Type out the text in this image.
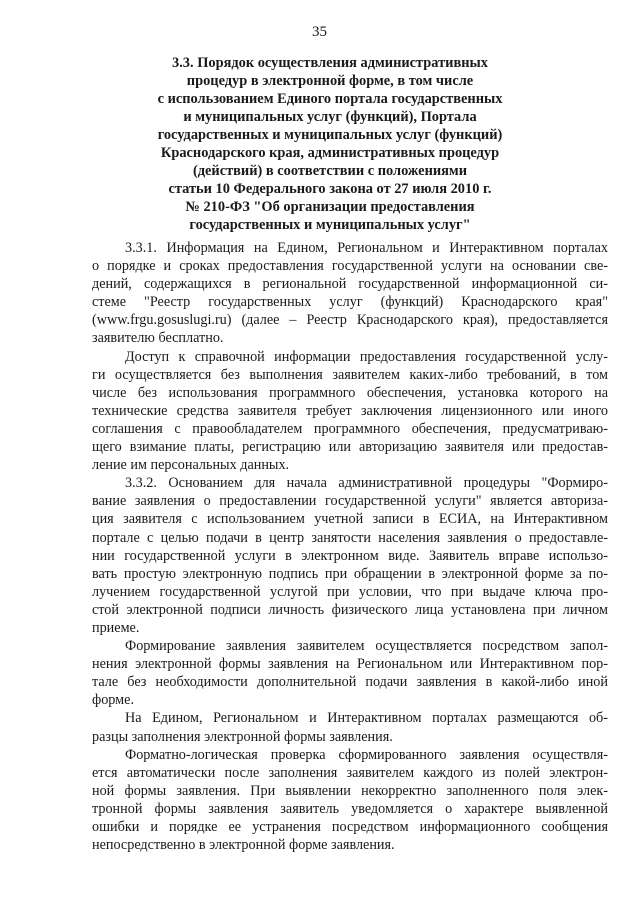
35
3.3. Порядок осуществления административных
процедур в электронной форме, в том числе
с использованием Единого портала государственных
и муниципальных услуг (функций), Портала
государственных и муниципальных услуг (функций)
Краснодарского края, административных процедур
(действий) в соответствии с положениями
статьи 10 Федерального закона от 27 июля 2010 г.
№ 210-ФЗ "Об организации предоставления
государственных и муниципальных услуг"
3.3.1. Информация на Едином, Региональном и Интерактивном порталах
о порядке и сроках предоставления государственной услуги на основании све-
дений, содержащихся в региональной государственной информационной си-
стеме "Реестр государственных услуг (функций) Краснодарского края"
(www.frgu.gosuslugi.ru) (далее – Реестр Краснодарского края), предоставляется
заявителю бесплатно.
Доступ к справочной информации предоставления государственной услу-
ги осуществляется без выполнения заявителем каких-либо требований, в том
числе без использования программного обеспечения, установка которого на
технические средства заявителя требует заключения лицензионного или иного
соглашения с правообладателем программного обеспечения, предусматриваю-
щего взимание платы, регистрацию или авторизацию заявителя или предостав-
ление им персональных данных.
3.3.2. Основанием для начала административной процедуры "Формиро-
вание заявления о предоставлении государственной услуги" является авториза-
ция заявителя с использованием учетной записи в ЕСИА, на Интерактивном
портале с целью подачи в центр занятости населения заявления о предоставле-
нии государственной услуги в электронном виде. Заявитель вправе использо-
вать простую электронную подпись при обращении в электронной форме за по-
лучением государственной услугой при условии, что при выдаче ключа про-
стой электронной подписи личность физического лица установлена при личном
приеме.
Формирование заявления заявителем осуществляется посредством запол-
нения электронной формы заявления на Региональном или Интерактивном пор-
тале без необходимости дополнительной подачи заявления в какой-либо иной
форме.
На Едином, Региональном и Интерактивном порталах размещаются об-
разцы заполнения электронной формы заявления.
Форматно-логическая проверка сформированного заявления осуществля-
ется автоматически после заполнения заявителем каждого из полей электрон-
ной формы заявления. При выявлении некорректно заполненного поля элек-
тронной формы заявления заявитель уведомляется о характере выявленной
ошибки и порядке ее устранения посредством информационного сообщения
непосредственно в электронной форме заявления.
